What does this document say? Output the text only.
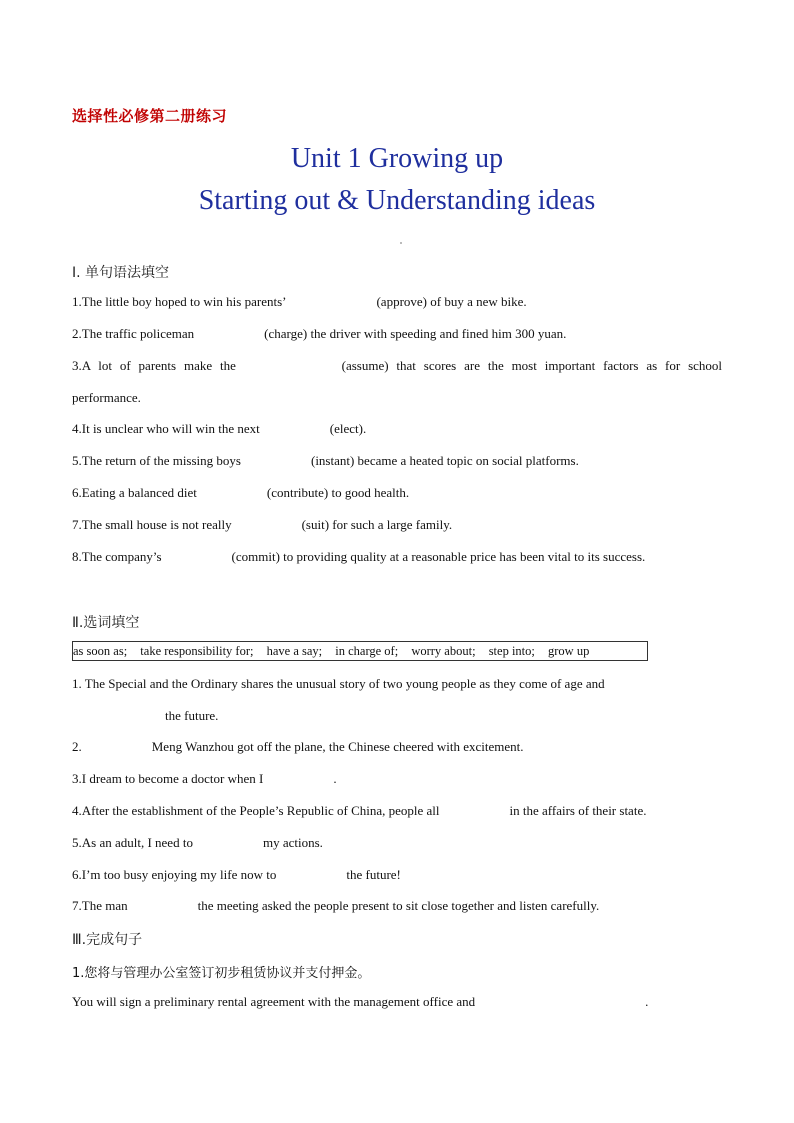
选择性必修第二册练习
Unit 1 Growing up
Starting out & Understanding ideas
Ⅰ. 单句语法填空
1.The little boy hoped to win his parents’	(approve) of buy a new bike.
2.The traffic policeman	(charge) the driver with speeding and fined him 300 yuan.
3.A lot of parents make the	(assume) that scores are the most important factors as for school
performance.
4.It is unclear who will win the next	(elect).
5.The return of the missing boys	(instant) became a heated topic on social platforms.
6.Eating a balanced diet	(contribute) to good health.
7.The small house is not really	(suit) for such a large family.
8.The company’s	(commit) to providing quality at a reasonable price has been vital to its success.
Ⅱ.选词填空
as soon as; take responsibility for; have a say; in charge of; worry about; step into; grow up
1. The Special and the Ordinary shares the unusual story of two young people as they come of age and
the future.
2.	Meng Wanzhou got off the plane, the Chinese cheered with excitement.
3.I dream to become a doctor when I	.
4.After the establishment of the People’s Republic of China, people all	in the affairs of their state.
5.As an adult, I need to	my actions.
6.I’m too busy enjoying my life now to	the future!
7.The man	the meeting asked the people present to sit close together and listen carefully.
Ⅲ.完成句子
1.您将与管理办公室签订初步租赁协议并支付押金。
You will sign a preliminary rental agreement with the management office and	.
